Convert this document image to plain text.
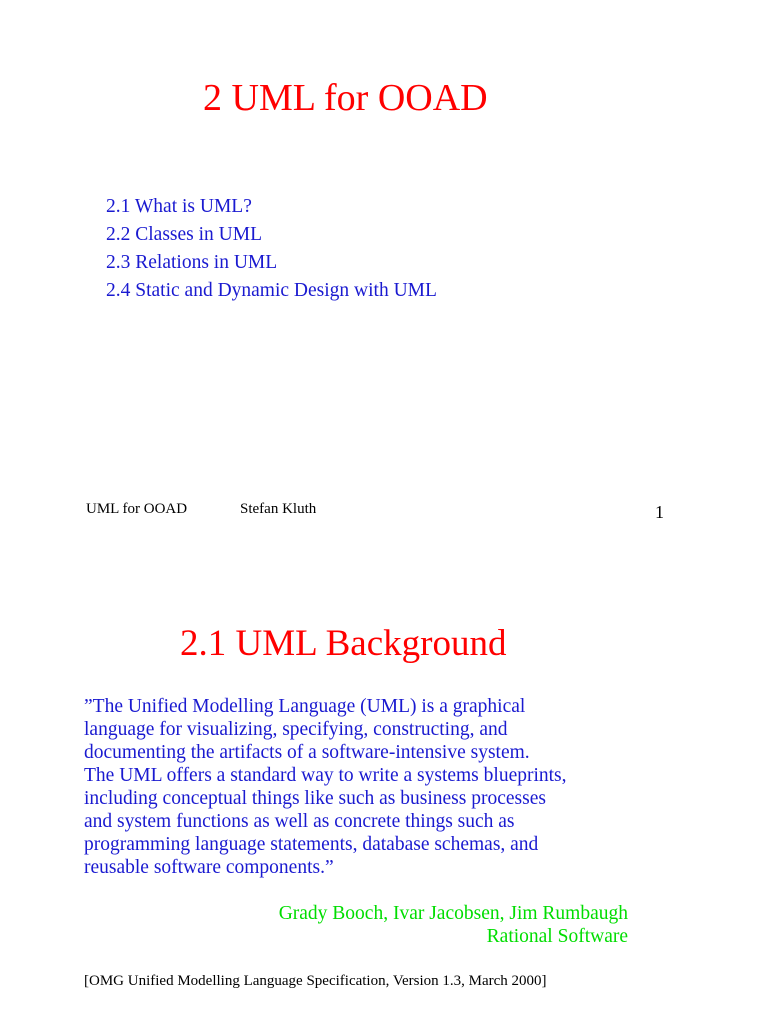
2 UML for OOAD
2.1 What is UML?
2.2 Classes in UML
2.3 Relations in UML
2.4 Static and Dynamic Design with UML
UML for OOAD	Stefan Kluth	1
2.1 UML Background

”The Unified Modelling Language (UML) is a graphical
language for visualizing, specifying, constructing, and
documenting the artifacts of a software-intensive system.
The UML offers a standard way to write a systems blueprints,
including conceptual things like such as business processes
and system functions as well as concrete things such as
programming language statements, database schemas, and
reusable software components.”

Grady Booch, Ivar Jacobsen, Jim Rumbaugh
Rational Software
[OMG Unified Modelling Language Specification, Version 1.3, March 2000]
